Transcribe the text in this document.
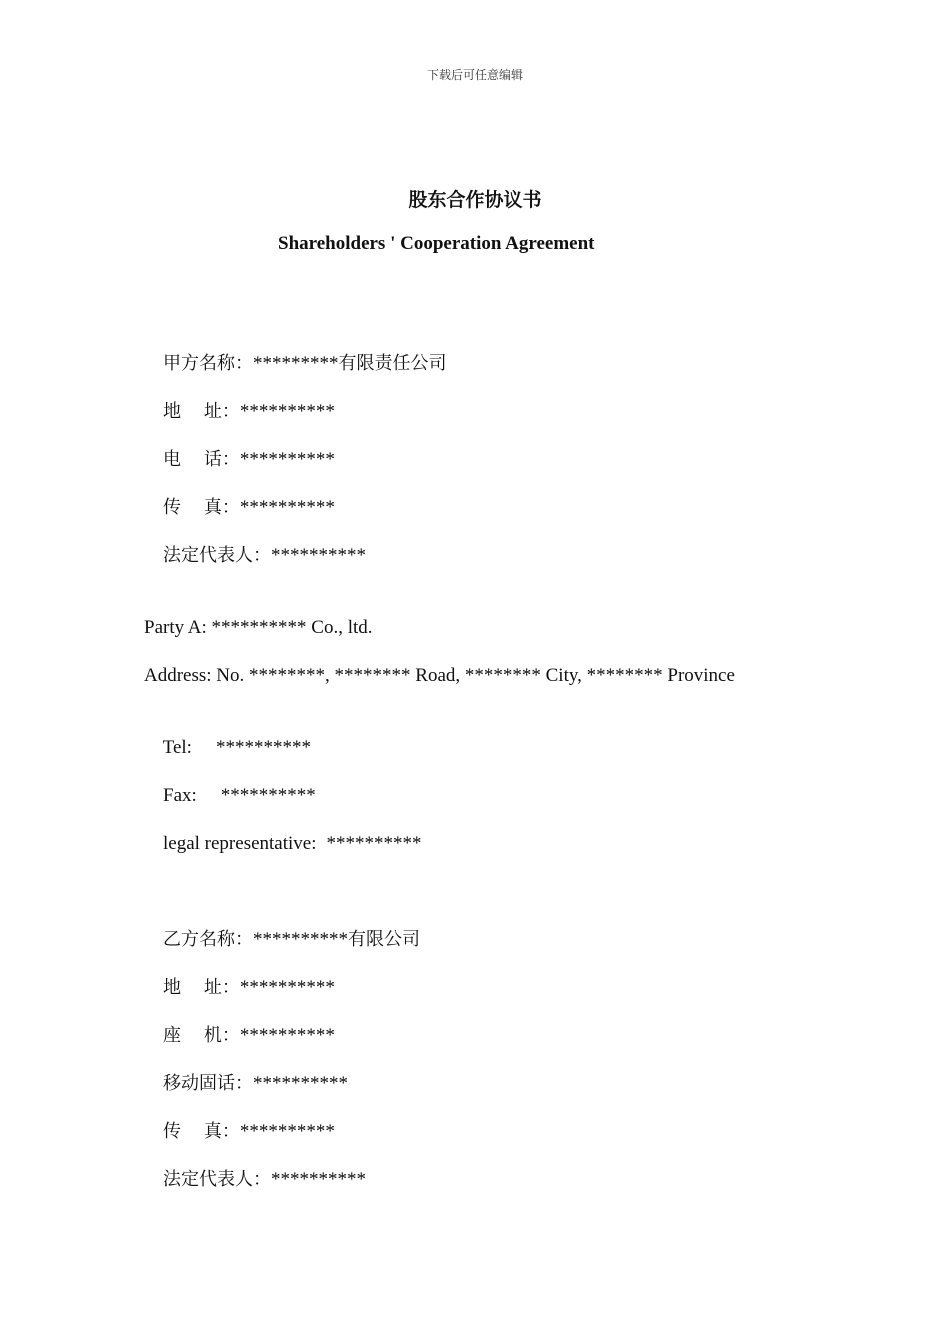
下载后可任意编辑
股东合作协议书
Shareholders ' Cooperation Agreement

甲方名称：*********有限责任公司

地    址：**********

电    话：**********

传    真：**********

法定代表人：**********

Party A: ********** Co., ltd.
Address: No. ********, ******** Road, ******** City, ******** Province

Tel: **********

Fax: **********

legal representative: **********

乙方名称：**********有限公司

地    址：**********

座    机：**********

移动固话：**********

传    真：**********

法定代表人：**********
